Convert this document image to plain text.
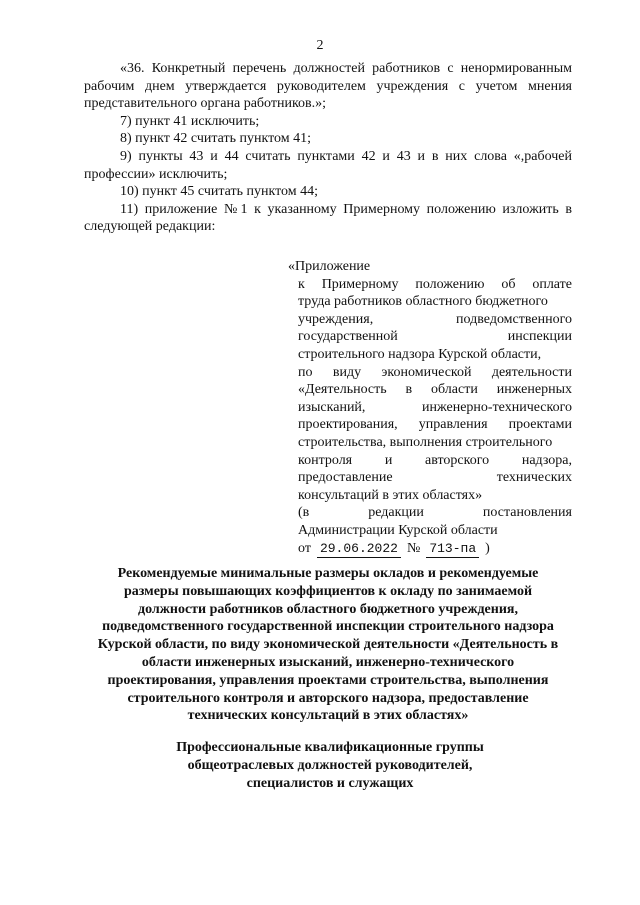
2

«36. Конкретный перечень должностей работников с ненормированным рабочим днем утверждается руководителем учреждения с учетом мнения представительного органа работников.»;

7) пункт 41 исключить;

8) пункт 42 считать пунктом 41;

9) пункты 43 и 44 считать пунктами 42 и 43 и в них слова «,рабочей профессии» исключить;

10) пункт 45 считать пунктом 44;

11) приложение №1 к указанному Примерному положению изложить в следующей редакции:

«Приложение

к Примерному положению об оплате

труда работников областного бюджетного

учреждения, подведомственного

государственной инспекции

строительного надзора Курской области,

по виду экономической деятельности

«Деятельность в области инженерных

изысканий, инженерно-технического

проектирования, управления проектами

строительства, выполнения строительного

контроля и авторского надзора,

предоставление технических

консультаций в этих областях»

(в редакции постановления

Администрации Курской области

от 29.06.2022 № 713-па )

Рекомендуемые минимальные размеры окладов и рекомендуемые размеры повышающих коэффициентов к окладу по занимаемой должности работников областного бюджетного учреждения, подведомственного государственной инспекции строительного надзора Курской области, по виду экономической деятельности «Деятельность в области инженерных изысканий, инженерно-технического проектирования, управления проектами строительства, выполнения строительного контроля и авторского надзора, предоставление технических консультаций в этих областях»

Профессиональные квалификационные группы общеотраслевых должностей руководителей, специалистов и служащих
